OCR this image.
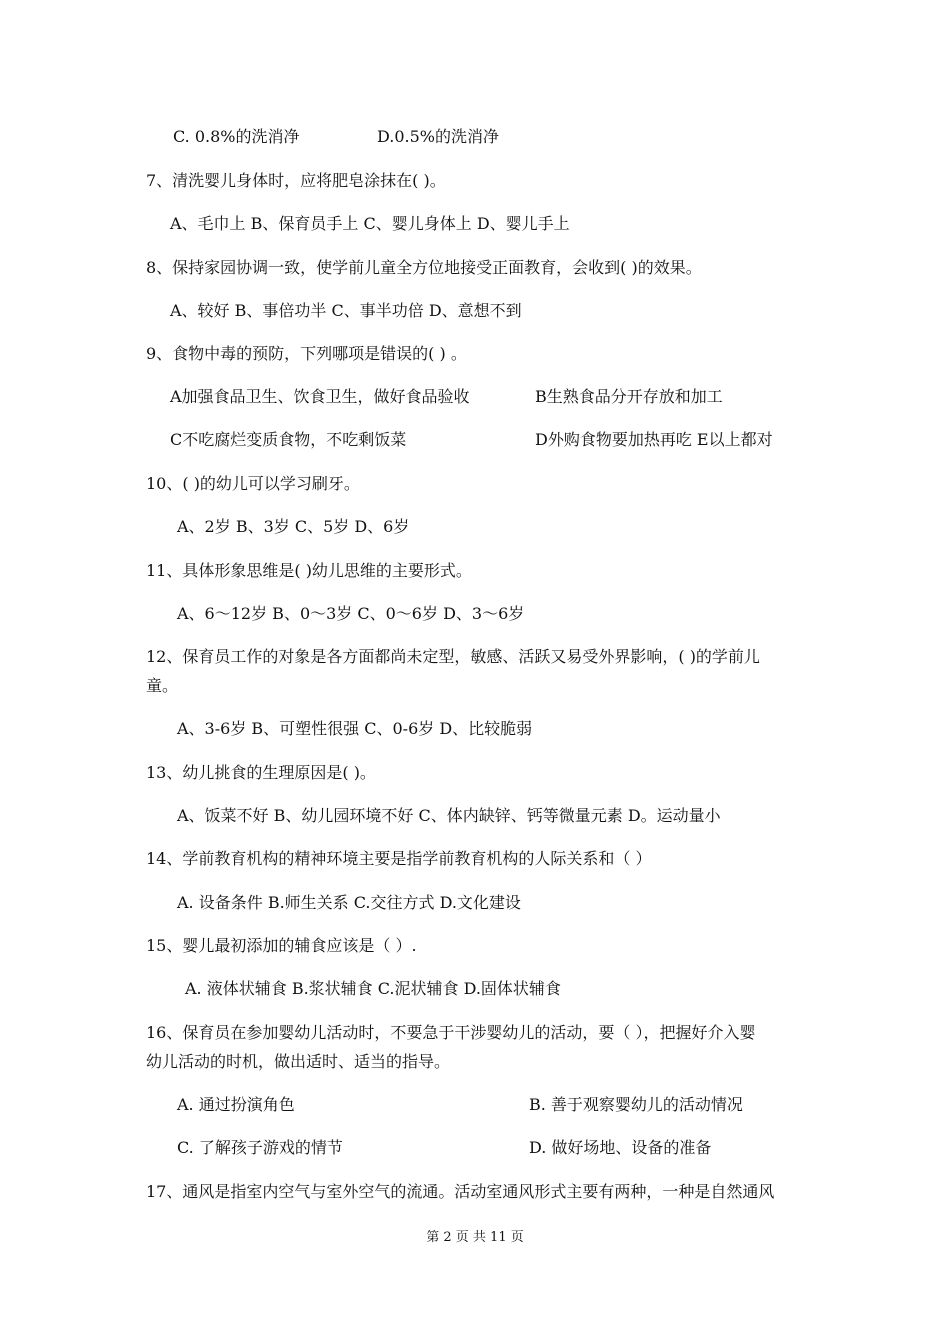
C. 0.8%的洗消净	D.0.5%的洗消净
7、清洗婴儿身体时，应将肥皂涂抹在( )。
A、毛巾上 B、保育员手上 C、婴儿身体上 D、婴儿手上
8、保持家园协调一致，使学前儿童全方位地接受正面教育，会收到( )的效果。
A、较好 B、事倍功半 C、事半功倍 D、意想不到
9、食物中毒的预防，下列哪项是错误的( ) 。
A加强食品卫生、饮食卫生，做好食品验收	B生熟食品分开存放和加工
C不吃腐烂变质食物，不吃剩饭菜	D外购食物要加热再吃 E以上都对
10、( )的幼儿可以学习刷牙。
A、2岁 B、3岁 C、5岁 D、6岁
11、具体形象思维是( )幼儿思维的主要形式。
A、6～12岁 B、0～3岁 C、0～6岁 D、3～6岁
12、保育员工作的对象是各方面都尚未定型，敏感、活跃又易受外界影响，( )的学前儿
童。
A、3-6岁 B、可塑性很强 C、0-6岁 D、比较脆弱
13、幼儿挑食的生理原因是( )。
A、饭菜不好 B、幼儿园环境不好 C、体内缺锌、钙等微量元素 D。运动量小
14、学前教育机构的精神环境主要是指学前教育机构的人际关系和（ ）
A. 设备条件 B.师生关系 C.交往方式 D.文化建设
15、婴儿最初添加的辅食应该是（ ）.
A. 液体状辅食 B.浆状辅食 C.泥状辅食 D.固体状辅食
16、保育员在参加婴幼儿活动时，不要急于干涉婴幼儿的活动，要（ ），把握好介入婴
幼儿活动的时机，做出适时、适当的指导。
A. 通过扮演角色	B. 善于观察婴幼儿的活动情况
C. 了解孩子游戏的情节	D. 做好场地、设备的准备
17、通风是指室内空气与室外空气的流通。活动室通风形式主要有两种，一种是自然通风
第 2 页 共 11 页
